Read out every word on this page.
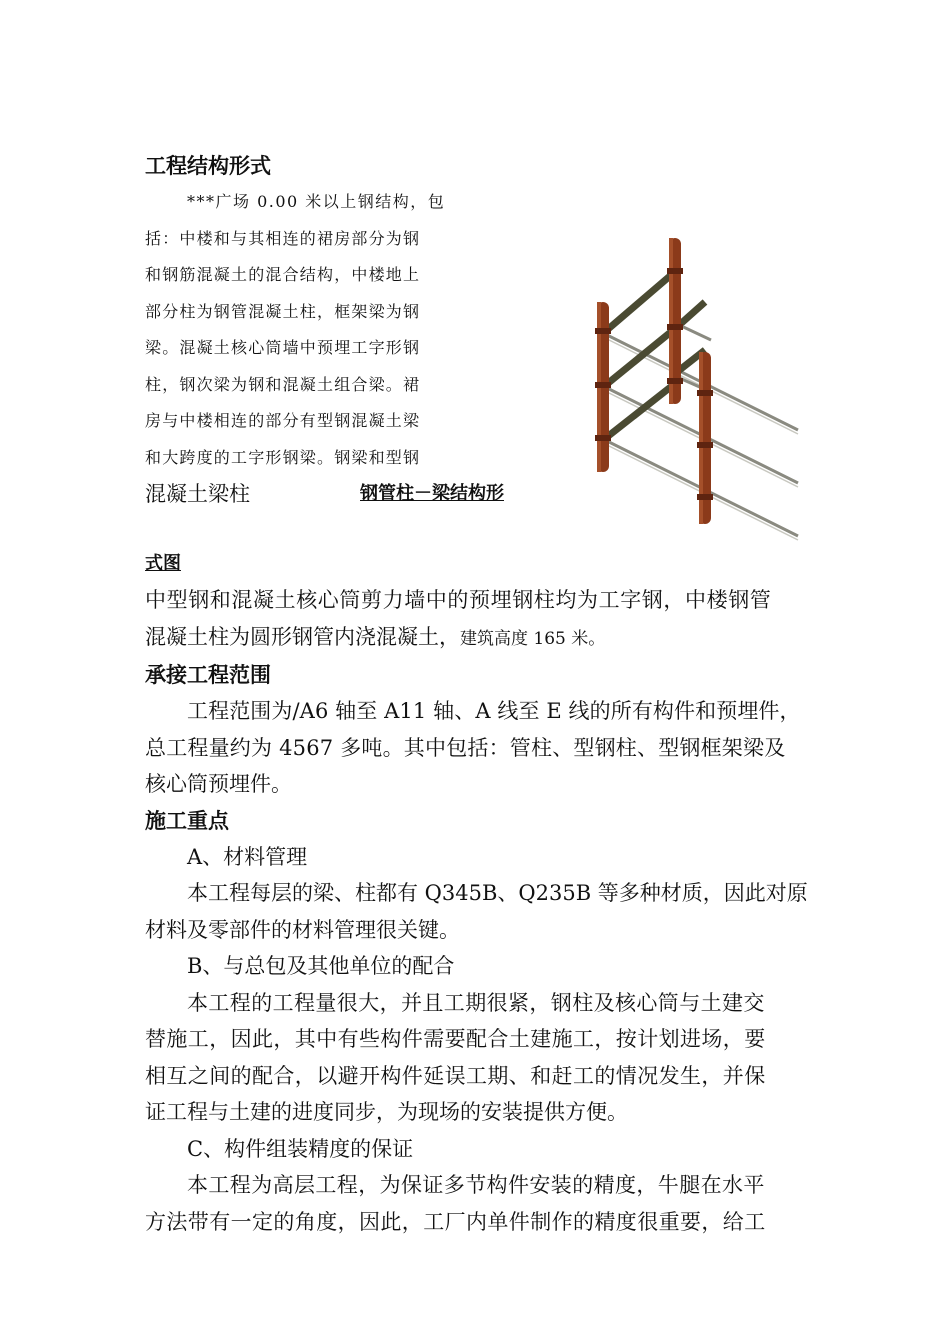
工程结构形式
***广场 0.00 米以上钢结构，包
括：中楼和与其相连的裙房部分为钢
和钢筋混凝土的混合结构，中楼地上
部分柱为钢管混凝土柱，框架梁为钢
梁。混凝土核心筒墙中预埋工字形钢
柱，钢次梁为钢和混凝土组合梁。裙
房与中楼相连的部分有型钢混凝土梁
和大跨度的工字形钢梁。钢梁和型钢
混凝土梁柱	钢管柱－梁结构形
式图
中型钢和混凝土核心筒剪力墙中的预埋钢柱均为工字钢，中楼钢管
混凝土柱为圆形钢管内浇混凝土，建筑高度 165 米。
承接工程范围
工程范围为/A6 轴至 A11 轴、A 线至 E 线的所有构件和预埋件，
总工程量约为 4567 多吨。其中包括：管柱、型钢柱、型钢框架梁及
核心筒预埋件。
施工重点
A、材料管理
本工程每层的梁、柱都有 Q345B、Q235B 等多种材质，因此对原
材料及零部件的材料管理很关键。
B、与总包及其他单位的配合
本工程的工程量很大，并且工期很紧，钢柱及核心筒与土建交
替施工，因此，其中有些构件需要配合土建施工，按计划进场，要
相互之间的配合，以避开构件延误工期、和赶工的情况发生，并保
证工程与土建的进度同步，为现场的安装提供方便。
C、构件组装精度的保证
本工程为高层工程，为保证多节构件安装的精度，牛腿在水平
方法带有一定的角度，因此，工厂内单件制作的精度很重要，给工
